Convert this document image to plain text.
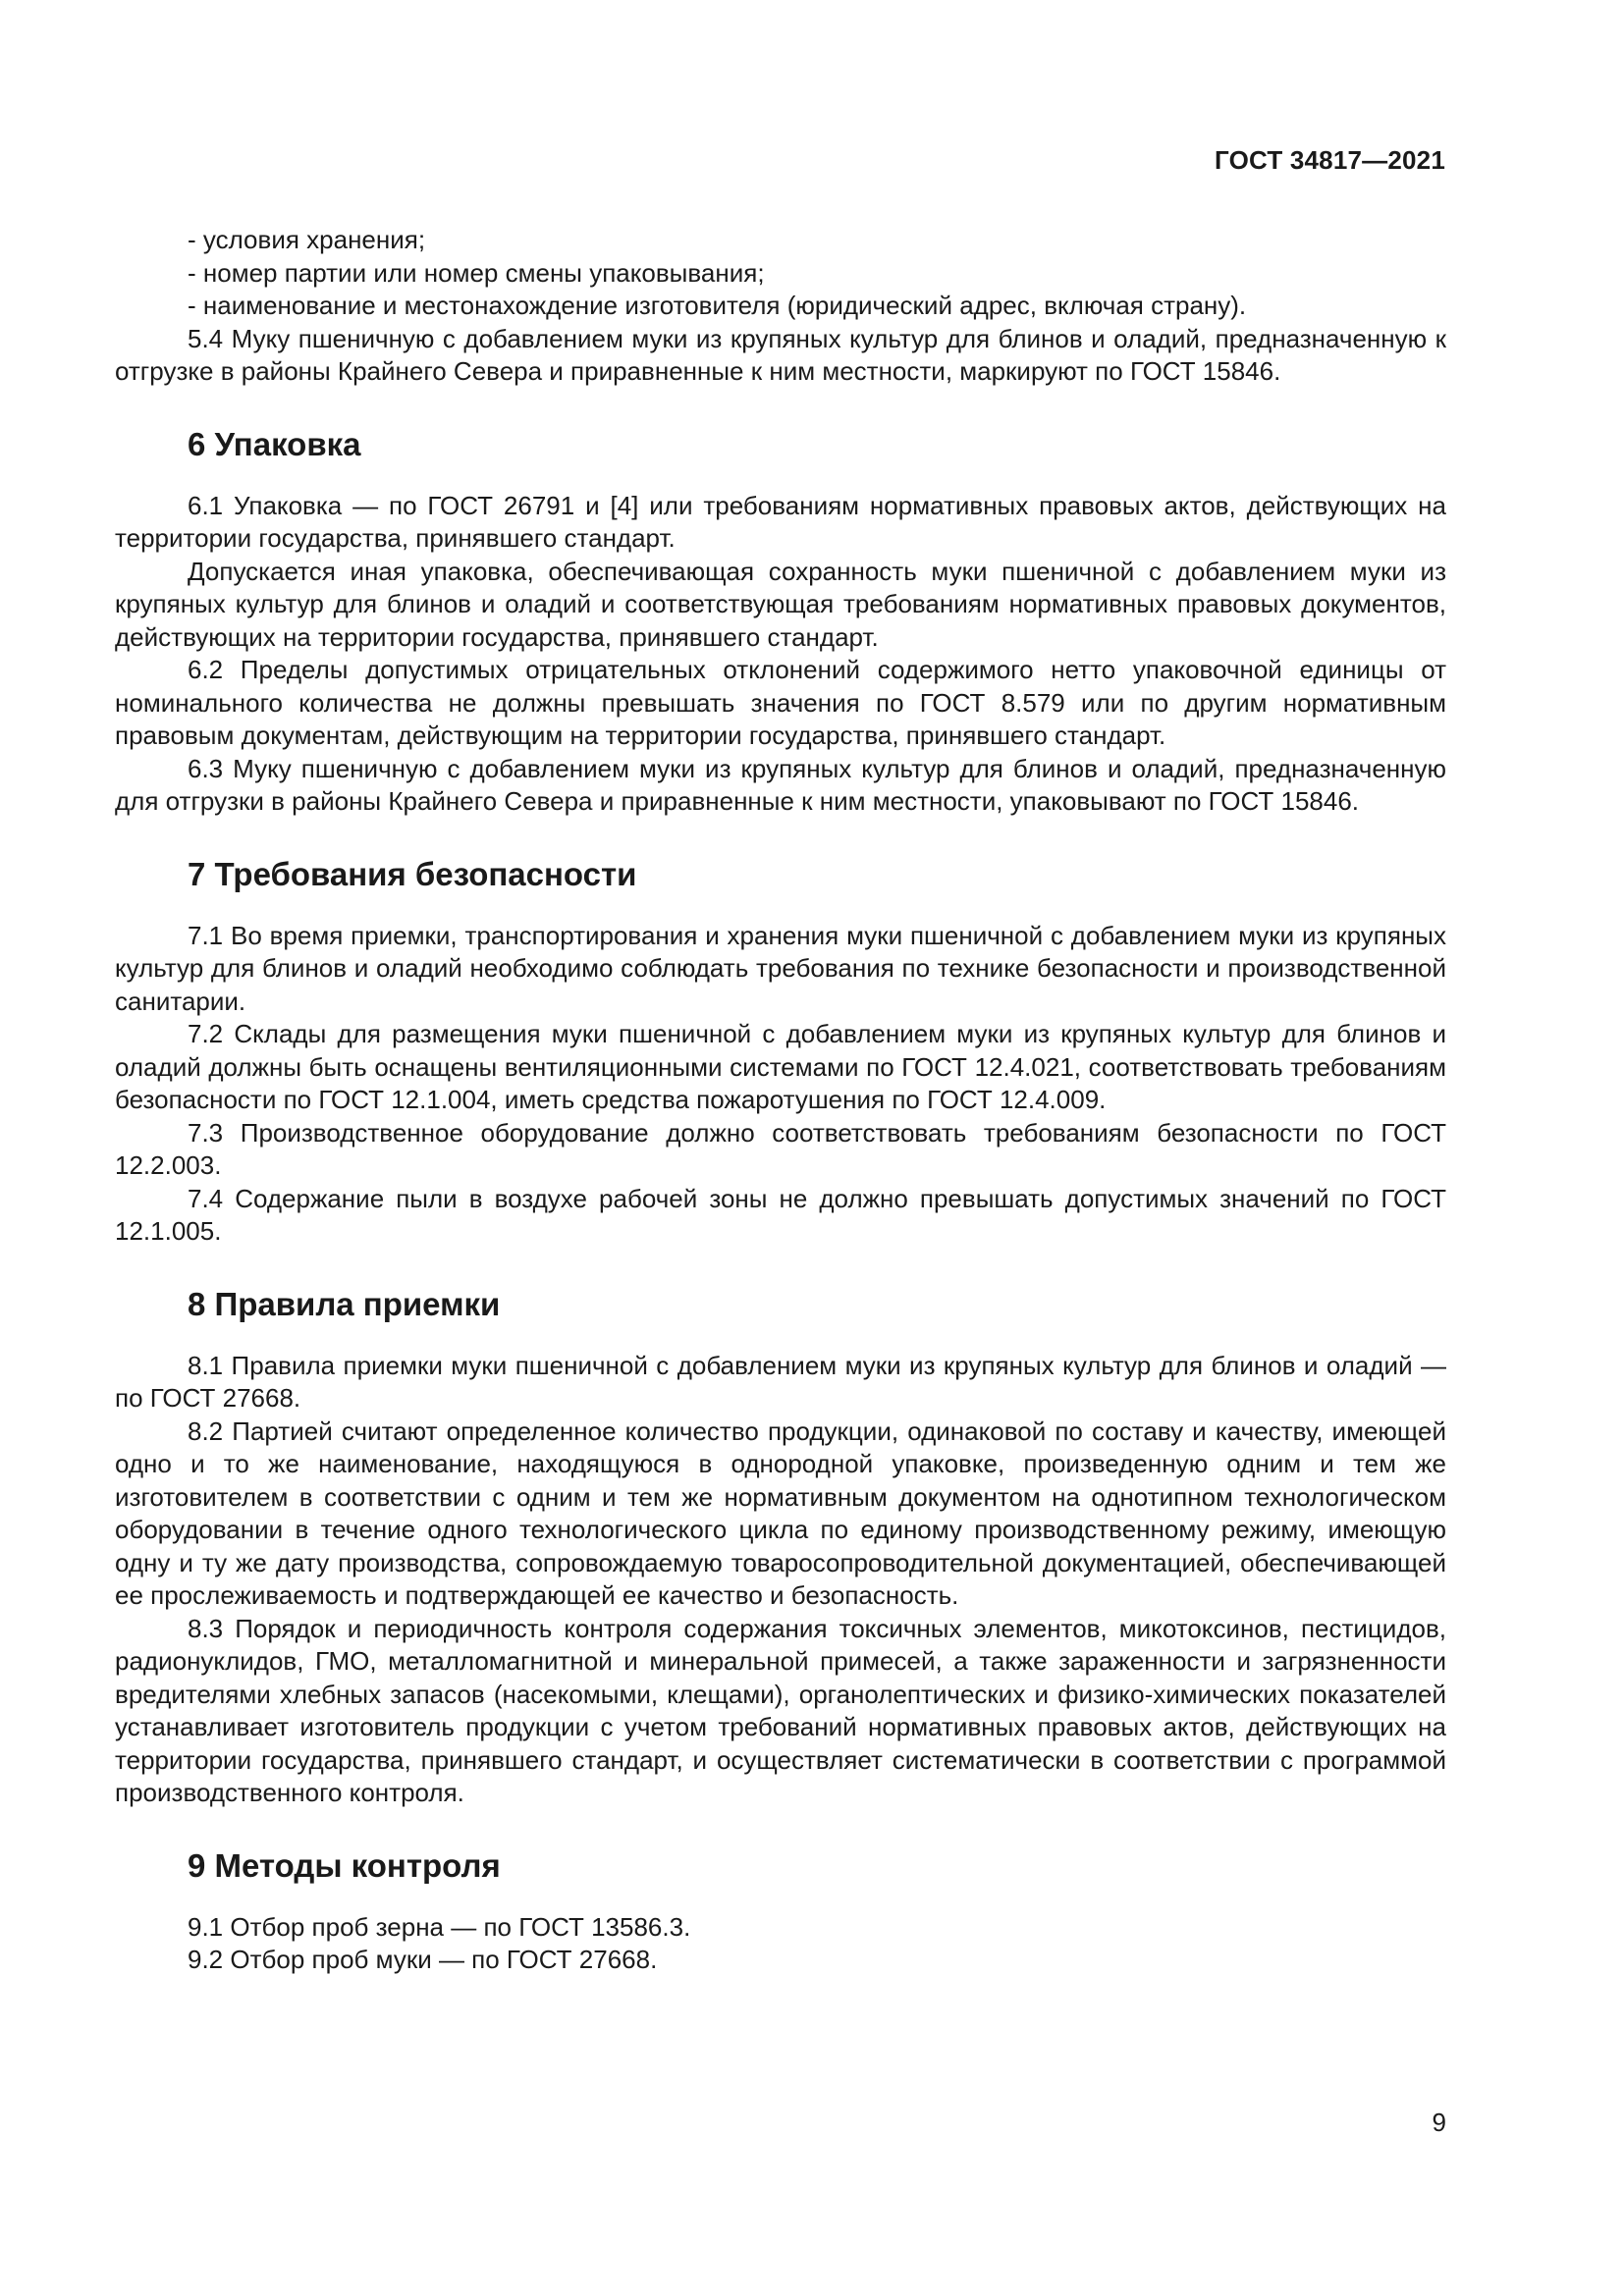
ГОСТ 34817—2021

- условия хранения;

- номер партии или номер смены упаковывания;

- наименование и местонахождение изготовителя (юридический адрес, включая страну).

5.4 Муку пшеничную с добавлением муки из крупяных культур для блинов и оладий, предназначенную к отгрузке в районы Крайнего Севера и приравненные к ним местности, маркируют по ГОСТ 15846.

6 Упаковка

6.1 Упаковка — по ГОСТ 26791 и [4] или требованиям нормативных правовых актов, действующих на территории государства, принявшего стандарт.

Допускается иная упаковка, обеспечивающая сохранность муки пшеничной с добавлением муки из крупяных культур для блинов и оладий и соответствующая требованиям нормативных правовых документов, действующих на территории государства, принявшего стандарт.

6.2 Пределы допустимых отрицательных отклонений содержимого нетто упаковочной единицы от номинального количества не должны превышать значения по ГОСТ 8.579 или по другим нормативным правовым документам, действующим на территории государства, принявшего стандарт.

6.3 Муку пшеничную с добавлением муки из крупяных культур для блинов и оладий, предназначенную для отгрузки в районы Крайнего Севера и приравненные к ним местности, упаковывают по ГОСТ 15846.

7 Требования безопасности

7.1 Во время приемки, транспортирования и хранения муки пшеничной с добавлением муки из крупяных культур для блинов и оладий необходимо соблюдать требования по технике безопасности и производственной санитарии.

7.2 Склады для размещения муки пшеничной с добавлением муки из крупяных культур для блинов и оладий должны быть оснащены вентиляционными системами по ГОСТ 12.4.021, соответствовать требованиям безопасности по ГОСТ 12.1.004, иметь средства пожаротушения по ГОСТ 12.4.009.

7.3 Производственное оборудование должно соответствовать требованиям безопасности по ГОСТ 12.2.003.

7.4 Содержание пыли в воздухе рабочей зоны не должно превышать допустимых значений по ГОСТ 12.1.005.

8 Правила приемки

8.1 Правила приемки муки пшеничной с добавлением муки из крупяных культур для блинов и оладий — по ГОСТ 27668.

8.2 Партией считают определенное количество продукции, одинаковой по составу и качеству, имеющей одно и то же наименование, находящуюся в однородной упаковке, произведенную одним и тем же изготовителем в соответствии с одним и тем же нормативным документом на однотипном технологическом оборудовании в течение одного технологического цикла по единому производственному режиму, имеющую одну и ту же дату производства, сопровождаемую товаросопроводительной документацией, обеспечивающей ее прослеживаемость и подтверждающей ее качество и безопасность.

8.3 Порядок и периодичность контроля содержания токсичных элементов, микотоксинов, пестицидов, радионуклидов, ГМО, металломагнитной и минеральной примесей, а также зараженности и загрязненности вредителями хлебных запасов (насекомыми, клещами), органолептических и физико-химических показателей устанавливает изготовитель продукции с учетом требований нормативных правовых актов, действующих на территории государства, принявшего стандарт, и осуществляет систематически в соответствии с программой производственного контроля.

9 Методы контроля

9.1 Отбор проб зерна — по ГОСТ 13586.3.

9.2 Отбор проб муки — по ГОСТ 27668.

9
